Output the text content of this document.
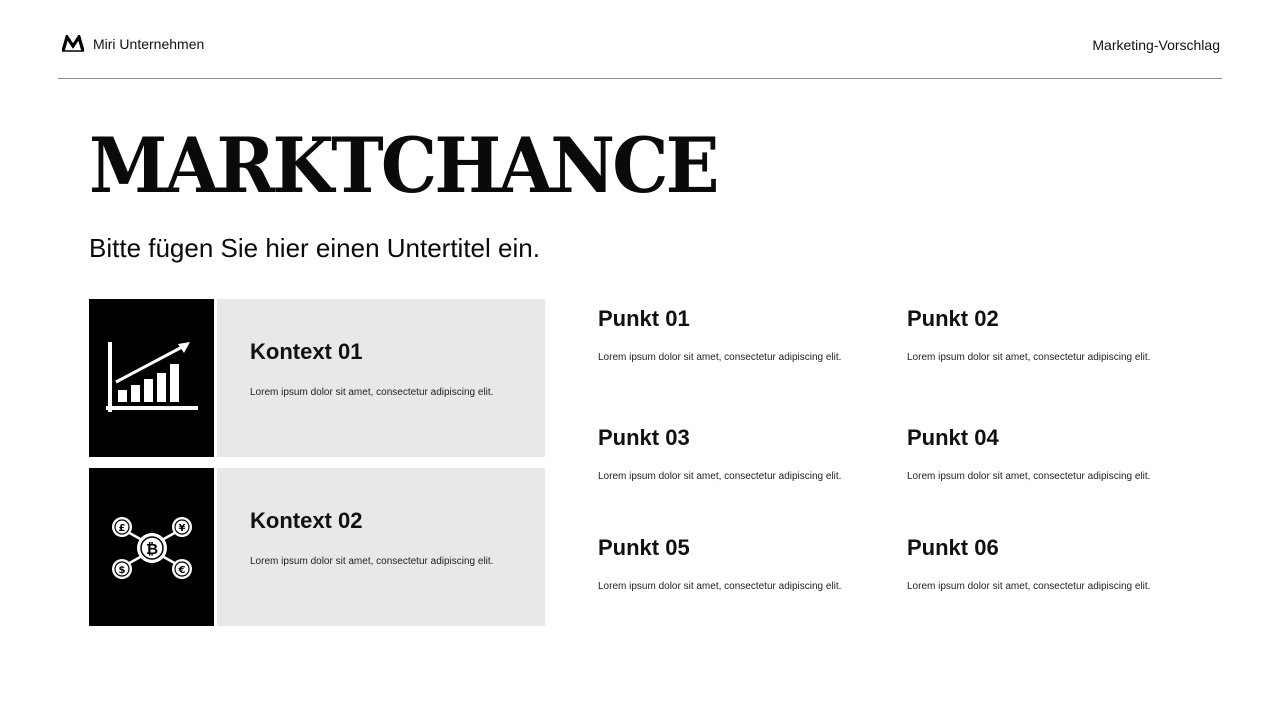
Miri Unternehmen	Marketing-Vorschlag
MARKTCHANCE
Bitte fügen Sie hier einen Untertitel ein.
Kontext 01
Lorem ipsum dolor sit amet, consectetur adipiscing elit.
₿
£	¥
$	€
Kontext 02
Lorem ipsum dolor sit amet, consectetur adipiscing elit.
Punkt 01
Lorem ipsum dolor sit amet, consectetur adipiscing elit.
Punkt 02
Lorem ipsum dolor sit amet, consectetur adipiscing elit.
Punkt 03
Lorem ipsum dolor sit amet, consectetur adipiscing elit.
Punkt 04
Lorem ipsum dolor sit amet, consectetur adipiscing elit.
Punkt 05
Lorem ipsum dolor sit amet, consectetur adipiscing elit.
Punkt 06
Lorem ipsum dolor sit amet, consectetur adipiscing elit.
